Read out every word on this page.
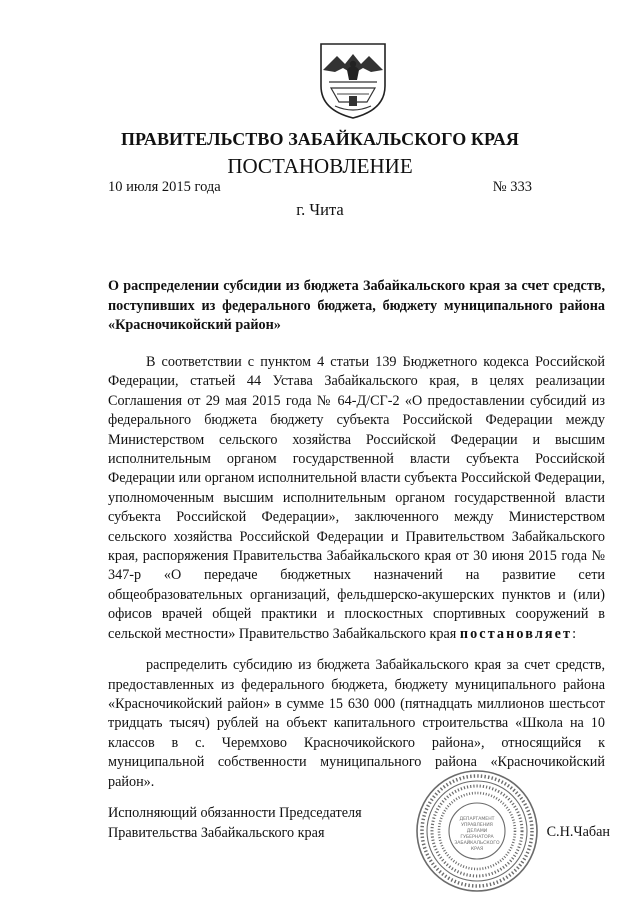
ПРАВИТЕЛЬСТВО ЗАБАЙКАЛЬСКОГО КРАЯ
ПОСТАНОВЛЕНИЕ
10 июля 2015 года	№ 333
г. Чита
О распределении субсидии из бюджета Забайкальского края за счет средств, поступивших из федерального бюджета, бюджету муниципального района «Красночикойский район»

В соответствии с пунктом 4 статьи 139 Бюджетного кодекса Российской Федерации, статьей 44 Устава Забайкальского края, в целях реализации Соглашения от 29 мая 2015 года № 64-Д/СГ-2 «О предоставлении субсидий из федерального бюджета бюджету субъекта Российской Федерации между Министерством сельского хозяйства Российской Федерации и высшим исполнительным органом государственной власти субъекта Российской Федерации или органом исполнительной власти субъекта Российской Федерации, уполномоченным высшим исполнительным органом государственной власти субъекта Российской Федерации», заключенного между Министерством сельского хозяйства Российской Федерации и Правительством Забайкальского края, распоряжения Правительства Забайкальского края от 30 июня 2015 года № 347-р «О передаче бюджетных назначений на развитие сети общеобразовательных организаций, фельдшерско-акушерских пунктов и (или) офисов врачей общей практики и плоскостных спортивных сооружений в сельской местности» Правительство Забайкальского края постановляет:

распределить субсидию из бюджета Забайкальского края за счет средств, предоставленных из федерального бюджета, бюджету муниципального района «Красночикойский район» в сумме 15 630 000 (пятнадцать миллионов шестьсот тридцать тысяч) рублей на объект капитального строительства «Школа на 10 классов в с. Черемхово Красночикойского района», относящийся к муниципальной собственности муниципального района «Красночикойский район».

Исполняющий обязанности Председателя
Правительства Забайкальского края
ДЕПАРТАМЕНТ
УПРАВЛЕНИЯ
ДЕЛАМИ
ГУБЕРНАТОРА
ЗАБАЙКАЛЬСКОГО
КРАЯ
С.Н.Чабан
